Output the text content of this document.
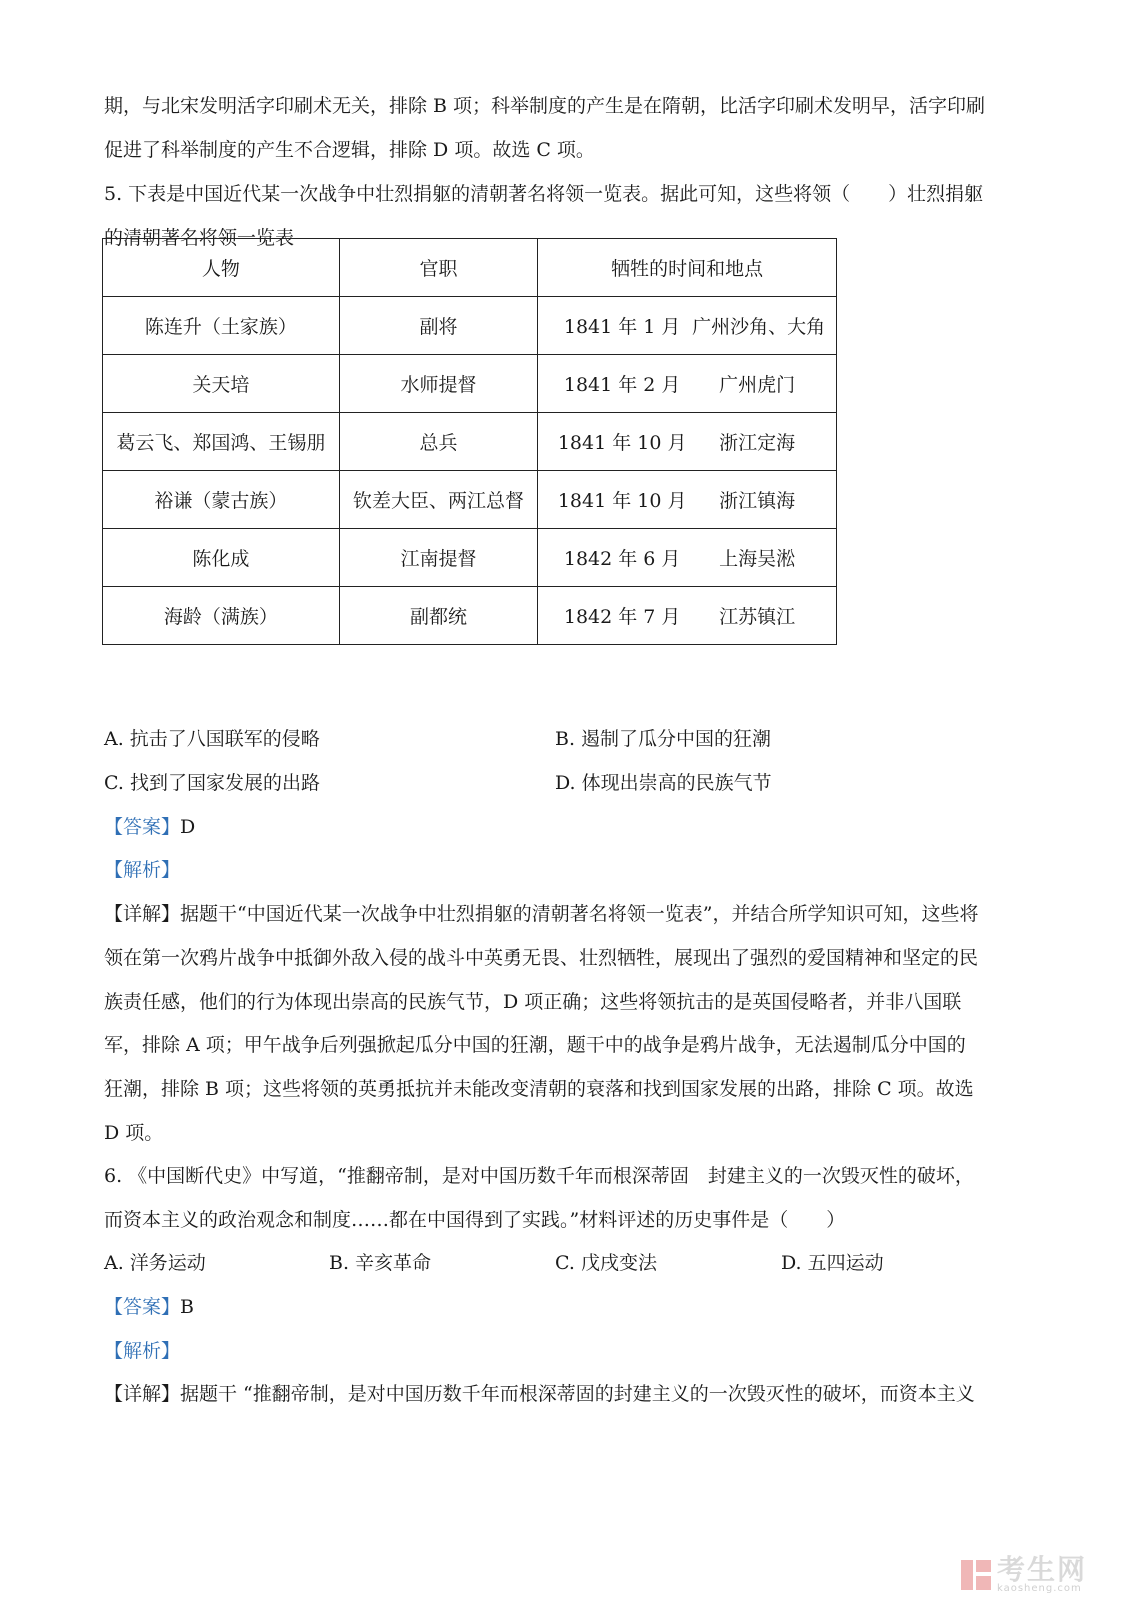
期，与北宋发明活字印刷术无关，排除 B 项；科举制度的产生是在隋朝，比活字印刷术发明早，活字印刷
促进了科举制度的产生不合逻辑，排除 D 项。故选 C 项。
5. 下表是中国近代某一次战争中壮烈捐躯的清朝著名将领一览表。据此可知，这些将领（　　）壮烈捐躯
的清朝著名将领一览表
人物	官职	牺牲的时间和地点
陈连升（土家族）	副将	1841 年 1 月 广州沙角、大角
关天培	水师提督	1841 年 2 月 广州虎门
葛云飞、郑国鸿、王锡朋	总兵	1841 年 10 月 浙江定海
裕谦（蒙古族）	钦差大臣、两江总督	1841 年 10 月 浙江镇海
陈化成	江南提督	1842 年 6 月 上海吴淞
海龄（满族）	副都统	1842 年 7 月 江苏镇江
A. 抗击了八国联军的侵略	B. 遏制了瓜分中国的狂潮
C. 找到了国家发展的出路	D. 体现出崇高的民族气节
【答案】D
【解析】
【详解】据题干“中国近代某一次战争中壮烈捐躯的清朝著名将领一览表”，并结合所学知识可知，这些将
领在第一次鸦片战争中抵御外敌入侵的战斗中英勇无畏、壮烈牺牲，展现出了强烈的爱国精神和坚定的民
族责任感，他们的行为体现出崇高的民族气节，D 项正确；这些将领抗击的是英国侵略者，并非八国联
军，排除 A 项；甲午战争后列强掀起瓜分中国的狂潮，题干中的战争是鸦片战争，无法遏制瓜分中国的
狂潮，排除 B 项；这些将领的英勇抵抗并未能改变清朝的衰落和找到国家发展的出路，排除 C 项。故选
D 项。
6. 《中国断代史》中写道，“推翻帝制，是对中国历数千年而根深蒂固　封建主义的一次毁灭性的破坏，
而资本主义的政治观念和制度……都在中国得到了实践。”材料评述的历史事件是（　　）
A. 洋务运动	B. 辛亥革命	C. 戊戌变法	D. 五四运动
【答案】B
【解析】
【详解】据题干 “推翻帝制，是对中国历数千年而根深蒂固的封建主义的一次毁灭性的破坏，而资本主义
考生网
kaosheng.com
